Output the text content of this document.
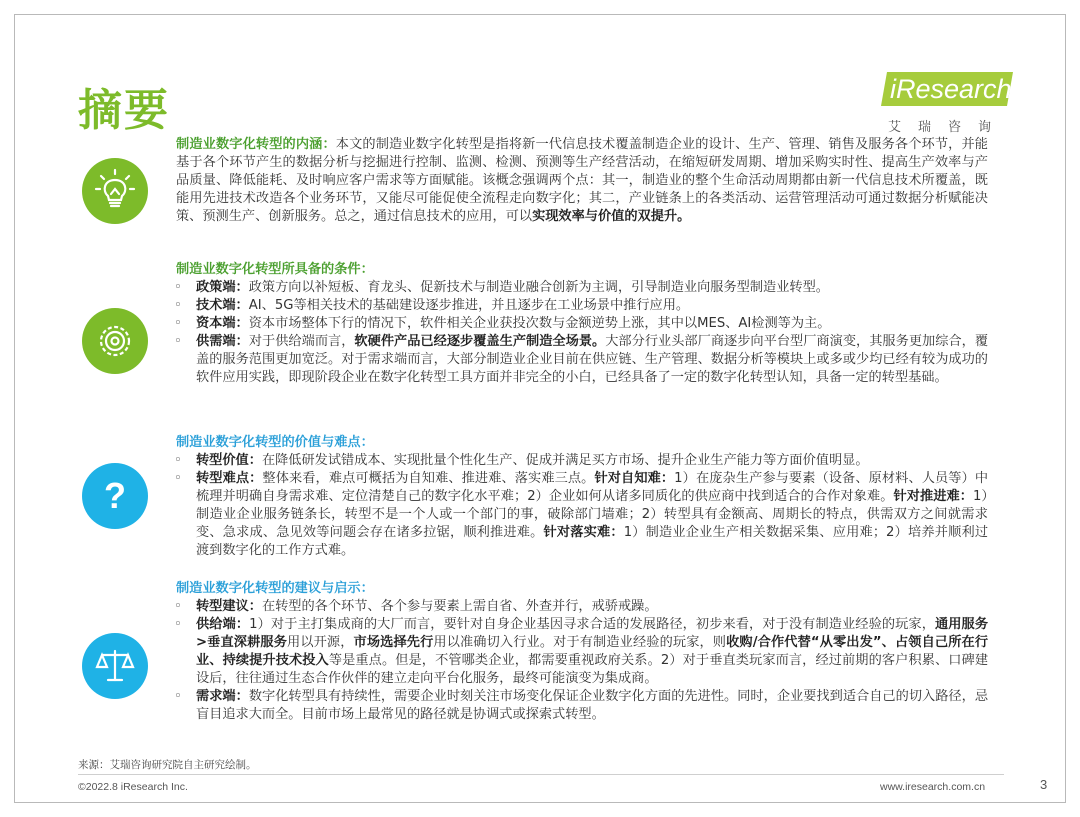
摘要	iResearch
艾瑞咨询
?

制造业数字化转型的内涵：本文的制造业数字化转型是指将新一代信息技术覆盖制造企业的设计、生产、管理、销售及服务各个环节，并能基于各个环节产生的数据分析与挖掘进行控制、监测、检测、预测等生产经营活动，在缩短研发周期、增加采购实时性、提高生产效率与产品质量、降低能耗、及时响应客户需求等方面赋能。该概念强调两个点：其一，制造业的整个生命活动周期都由新一代信息技术所覆盖，既能用先进技术改造各个业务环节，又能尽可能促使全流程走向数字化；其二，产业链条上的各类活动、运营管理活动可通过数据分析赋能决策、预测生产、创新服务。总之，通过信息技术的应用，可以实现效率与价值的双提升。

制造业数字化转型所具备的条件：
◦ 政策端：政策方向以补短板、育龙头、促新技术与制造业融合创新为主调，引导制造业向服务型制造业转型。
◦ 技术端：AI、5G等相关技术的基础建设逐步推进，并且逐步在工业场景中推行应用。
◦ 资本端：资本市场整体下行的情况下，软件相关企业获投次数与金额逆势上涨，其中以MES、AI检测等为主。
◦ 供需端：对于供给端而言，软硬件产品已经逐步覆盖生产制造全场景。大部分行业头部厂商逐步向平台型厂商演变，其服务更加综合，覆盖的服务范围更加宽泛。对于需求端而言，大部分制造业企业目前在供应链、生产管理、数据分析等模块上或多或少均已经有较为成功的软件应用实践，即现阶段企业在数字化转型工具方面并非完全的小白，已经具备了一定的数字化转型认知，具备一定的转型基础。
制造业数字化转型的价值与难点：
◦ 转型价值：在降低研发试错成本、实现批量个性化生产、促成并满足买方市场、提升企业生产能力等方面价值明显。
◦ 转型难点：整体来看，难点可概括为自知难、推进难、落实难三点。针对自知难：1）在庞杂生产参与要素（设备、原材料、人员等）中梳理并明确自身需求难、定位清楚自己的数字化水平难；2）企业如何从诸多同质化的供应商中找到适合的合作对象难。针对推进难：1）制造业企业服务链条长，转型不是一个人或一个部门的事，破除部门墙难；2）转型具有金额高、周期长的特点，供需双方之间就需求变、急求成、急见效等问题会存在诸多拉锯，顺利推进难。针对落实难：1）制造业企业生产相关数据采集、应用难；2）培养并顺利过渡到数字化的工作方式难。
制造业数字化转型的建议与启示：
◦ 转型建议：在转型的各个环节、各个参与要素上需自省、外查并行，戒骄戒躁。
◦ 供给端：1）对于主打集成商的大厂而言，要针对自身企业基因寻求合适的发展路径，初步来看，对于没有制造业经验的玩家，通用服务>垂直深耕服务用以开源，市场选择先行用以准确切入行业。对于有制造业经验的玩家，则收购/合作代替“从零出发”、占领自己所在行业、持续提升技术投入等是重点。但是，不管哪类企业，都需要重视政府关系。2）对于垂直类玩家而言，经过前期的客户积累、口碑建设后，往往通过生态合作伙伴的建立走向平台化服务，最终可能演变为集成商。
◦ 需求端：数字化转型具有持续性，需要企业时刻关注市场变化保证企业数字化方面的先进性。同时，企业要找到适合自己的切入路径，忌盲目追求大而全。目前市场上最常见的路径就是协调式或探索式转型。
来源：艾瑞咨询研究院自主研究绘制。
©2022.8 iResearch Inc.	www.iresearch.com.cn	3
